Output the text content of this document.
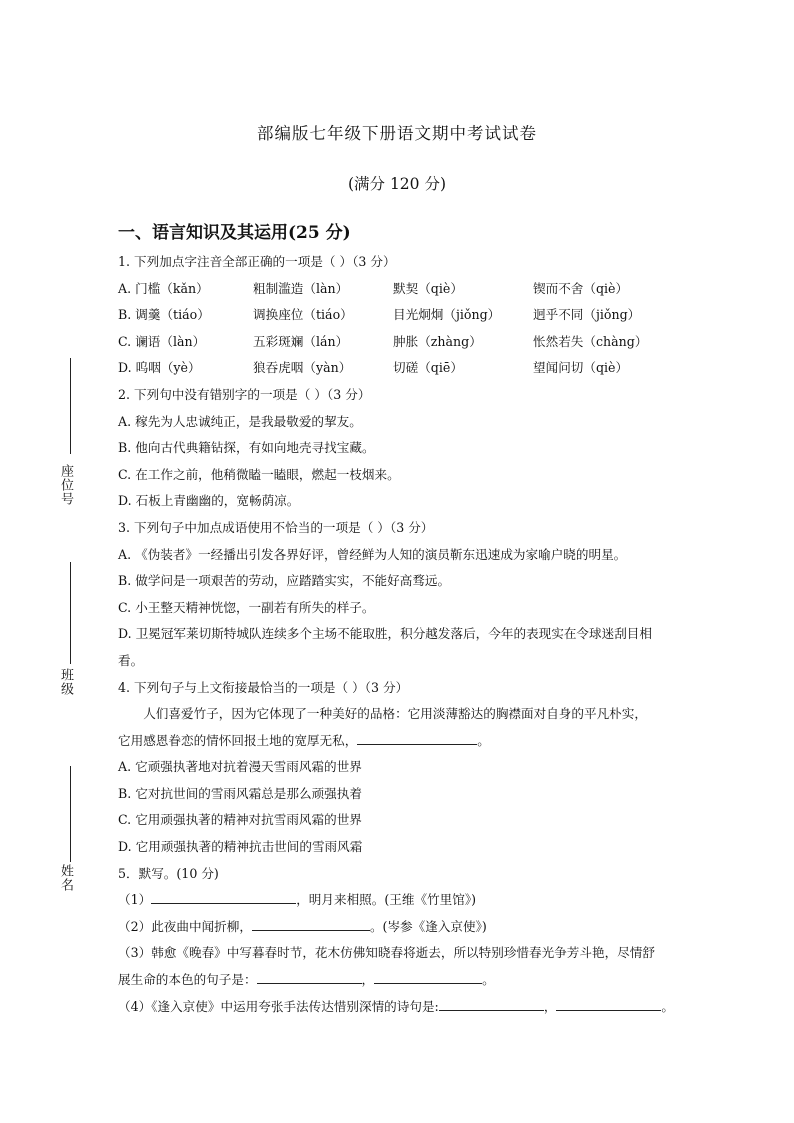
座位号
班级
姓名
部编版七年级下册语文期中考试试卷
(满分 120 分)
一、语言知识及其运用(25 分)
1. 下列加点字注音全部正确的一项是（ ）（3 分）
A. 门槛（kǎn）	粗制滥造（làn）	默契（qiè）	锲而不舍（qiè）
B. 调羹（tiáo）	调换座位（tiáo）	目光炯炯（jiǒng）	迥乎不同（jiǒng）
C. 谰语（làn）	五彩斑斓（lán）	肿胀（zhàng）	怅然若失（chàng）
D. 呜咽（yè）	狼吞虎咽（yàn）	切磋（qiē）	望闻问切（qiè）
2. 下列句中没有错别字的一项是（ ）（3 分）
A. 稼先为人忠诚纯正，是我最敬爱的挈友。
B. 他向古代典籍钻探，有如向地壳寻找宝藏。
C. 在工作之前，他稍微瞌一瞌眼，燃起一枝烟来。
D. 石板上青幽幽的，宽畅荫凉。
3. 下列句子中加点成语使用不恰当的一项是（ ）（3 分）
A. 《伪装者》一经播出引发各界好评，曾经鲜为人知的演员靳东迅速成为家喻户晓的明星。
B. 做学问是一项艰苦的劳动，应踏踏实实，不能好高骛远。
C. 小王整天精神恍惚，一副若有所失的样子。
D. 卫冕冠军莱切斯特城队连续多个主场不能取胜，积分越发落后，今年的表现实在令球迷刮目相
看。
4. 下列句子与上文衔接最恰当的一项是（ ）（3 分）
人们喜爱竹子，因为它体现了一种美好的品格：它用淡薄豁达的胸襟面对自身的平凡朴实，
它用感恩眷恋的情怀回报土地的宽厚无私，	。
A. 它顽强执著地对抗着漫天雪雨风霜的世界
B. 它对抗世间的雪雨风霜总是那么顽强执着
C. 它用顽强执著的精神对抗雪雨风霜的世界
D. 它用顽强执著的精神抗击世间的雪雨风霜
5．默写。(10 分)
（1）	，明月来相照。(王维《竹里馆》)
（2）此夜曲中闻折柳，	。(岑参《逢入京使》)
（3）韩愈《晚春》中写暮春时节，花木仿佛知晓春将逝去，所以特别珍惜春光争芳斗艳，尽情舒
展生命的本色的句子是：	，	。
（4）《逢入京使》中运用夸张手法传达惜别深情的诗句是:	，	。
